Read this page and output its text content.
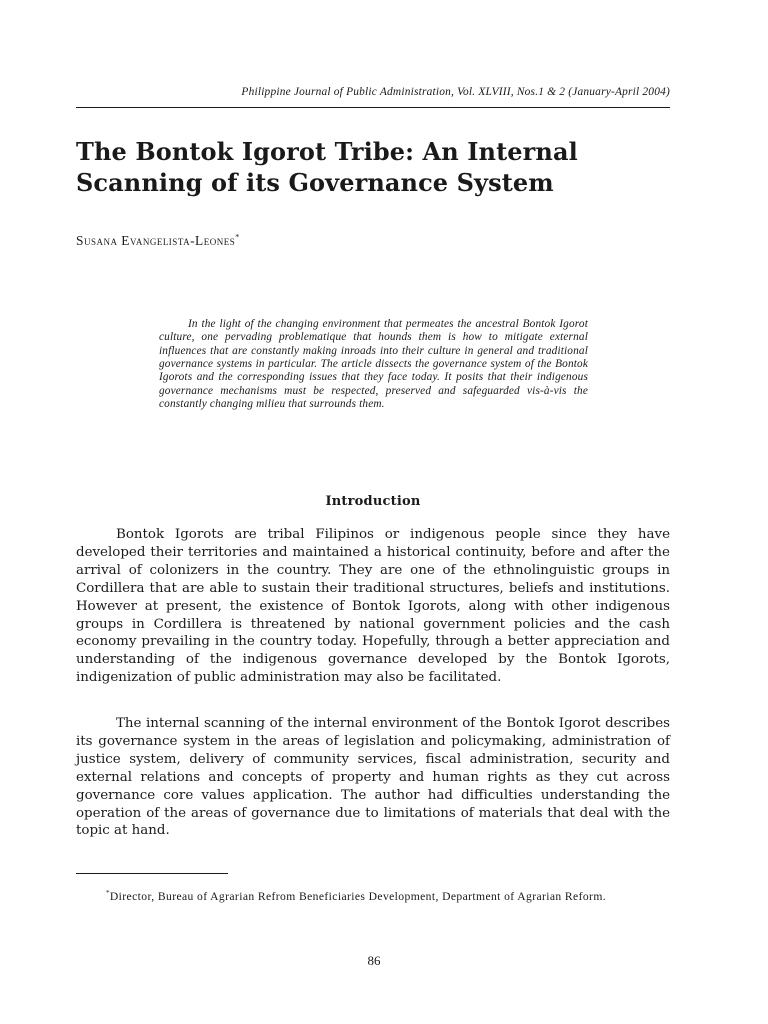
Philippine Journal of Public Administration, Vol. XLVIII, Nos.1 & 2 (January-April 2004)
The Bontok Igorot Tribe: An Internal
Scanning of its Governance System
Susana Evangelista-Leones*

In the light of the changing environment that permeates the ancestral Bontok Igorot culture, one pervading problematique that hounds them is how to mitigate external influences that are constantly making inroads into their culture in general and traditional governance systems in particular. The article dissects the governance system of the Bontok Igorots and the corresponding issues that they face today. It posits that their indigenous governance mechanisms must be respected, preserved and safeguarded vis-à-vis the constantly changing milieu that surrounds them.

Introduction

Bontok Igorots are tribal Filipinos or indigenous people since they have developed their territories and maintained a historical continuity, before and after the arrival of colonizers in the country. They are one of the ethnolinguistic groups in Cordillera that are able to sustain their traditional structures, beliefs and institutions. However at present, the existence of Bontok Igorots, along with other indigenous groups in Cordillera is threatened by national government policies and the cash economy prevailing in the country today. Hopefully, through a better appreciation and understanding of the indigenous governance developed by the Bontok Igorots, indigenization of public administration may also be facilitated.

The internal scanning of the internal environment of the Bontok Igorot describes its governance system in the areas of legislation and policymaking, administration of justice system, delivery of community services, fiscal administration, security and external relations and concepts of property and human rights as they cut across governance core values application. The author had difficulties understanding the operation of the areas of governance due to limitations of materials that deal with the topic at hand.

*Director, Bureau of Agrarian Refrom Beneficiaries Development, Department of Agrarian Reform.

86
